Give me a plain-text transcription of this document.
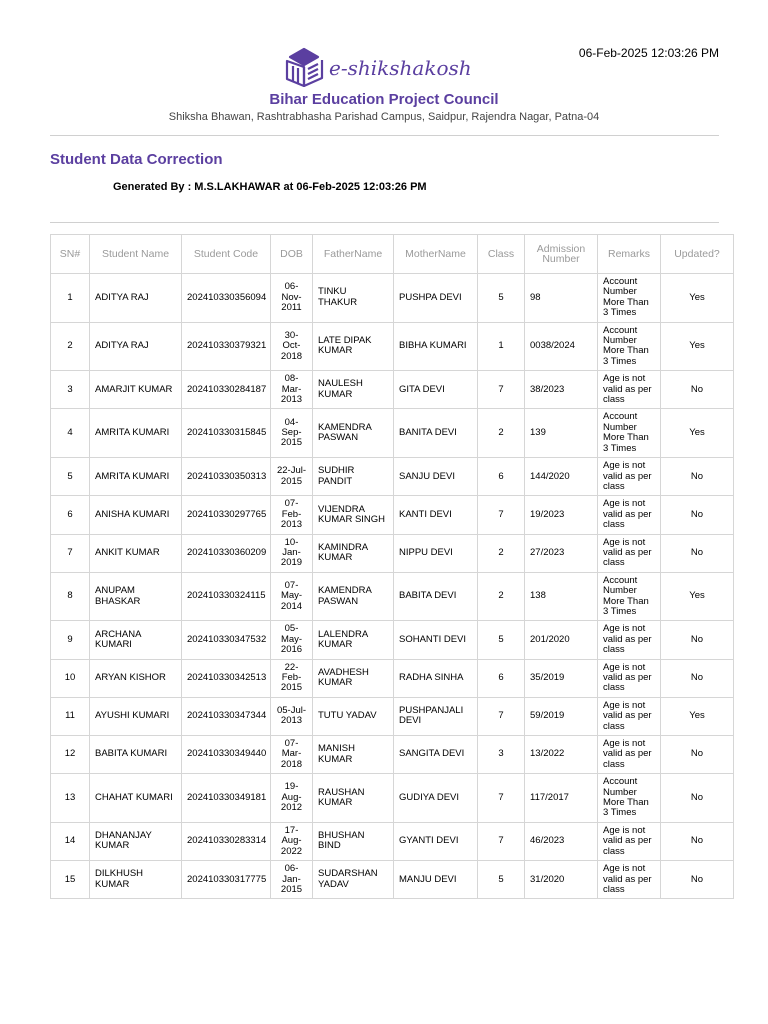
06-Feb-2025 12:03:26 PM
e-shikshakosh
Bihar Education Project Council
Shiksha Bhawan, Rashtrabhasha Parishad Campus, Saidpur, Rajendra Nagar, Patna-04
Student Data Correction
Generated By : M.S.LAKHAWAR at 06-Feb-2025 12:03:26 PM
SN#	Student Name	Student Code	DOB	FatherName	MotherName	Class	Admission Number	Remarks	Updated?
1	ADITYA RAJ	202410330356094	06-Nov-2011	TINKU THAKUR	PUSHPA DEVI	5	98	Account Number More Than 3 Times	Yes
2	ADITYA RAJ	202410330379321	30-Oct-2018	LATE DIPAK KUMAR	BIBHA KUMARI	1	0038/2024	Account Number More Than 3 Times	Yes
3	AMARJIT KUMAR	202410330284187	08-Mar-2013	NAULESH KUMAR	GITA DEVI	7	38/2023	Age is not valid as per class	No
4	AMRITA KUMARI	202410330315845	04-Sep-2015	KAMENDRA PASWAN	BANITA DEVI	2	139	Account Number More Than 3 Times	Yes
5	AMRITA KUMARI	202410330350313	22-Jul-2015	SUDHIR PANDIT	SANJU DEVI	6	144/2020	Age is not valid as per class	No
6	ANISHA KUMARI	202410330297765	07-Feb-2013	VIJENDRA KUMAR SINGH	KANTI DEVI	7	19/2023	Age is not valid as per class	No
7	ANKIT KUMAR	202410330360209	10-Jan-2019	KAMINDRA KUMAR	NIPPU DEVI	2	27/2023	Age is not valid as per class	No
8	ANUPAM BHASKAR	202410330324115	07-May-2014	KAMENDRA PASWAN	BABITA DEVI	2	138	Account Number More Than 3 Times	Yes
9	ARCHANA KUMARI	202410330347532	05-May-2016	LALENDRA KUMAR	SOHANTI DEVI	5	201/2020	Age is not valid as per class	No
10	ARYAN KISHOR	202410330342513	22-Feb-2015	AVADHESH KUMAR	RADHA SINHA	6	35/2019	Age is not valid as per class	No
11	AYUSHI KUMARI	202410330347344	05-Jul-2013	TUTU YADAV	PUSHPANJALI DEVI	7	59/2019	Age is not valid as per class	Yes
12	BABITA KUMARI	202410330349440	07-Mar-2018	MANISH KUMAR	SANGITA DEVI	3	13/2022	Age is not valid as per class	No
13	CHAHAT KUMARI	202410330349181	19-Aug-2012	RAUSHAN KUMAR	GUDIYA DEVI	7	117/2017	Account Number More Than 3 Times	No
14	DHANANJAY KUMAR	202410330283314	17-Aug-2022	BHUSHAN BIND	GYANTI DEVI	7	46/2023	Age is not valid as per class	No
15	DILKHUSH KUMAR	202410330317775	06-Jan-2015	SUDARSHAN YADAV	MANJU DEVI	5	31/2020	Age is not valid as per class	No
